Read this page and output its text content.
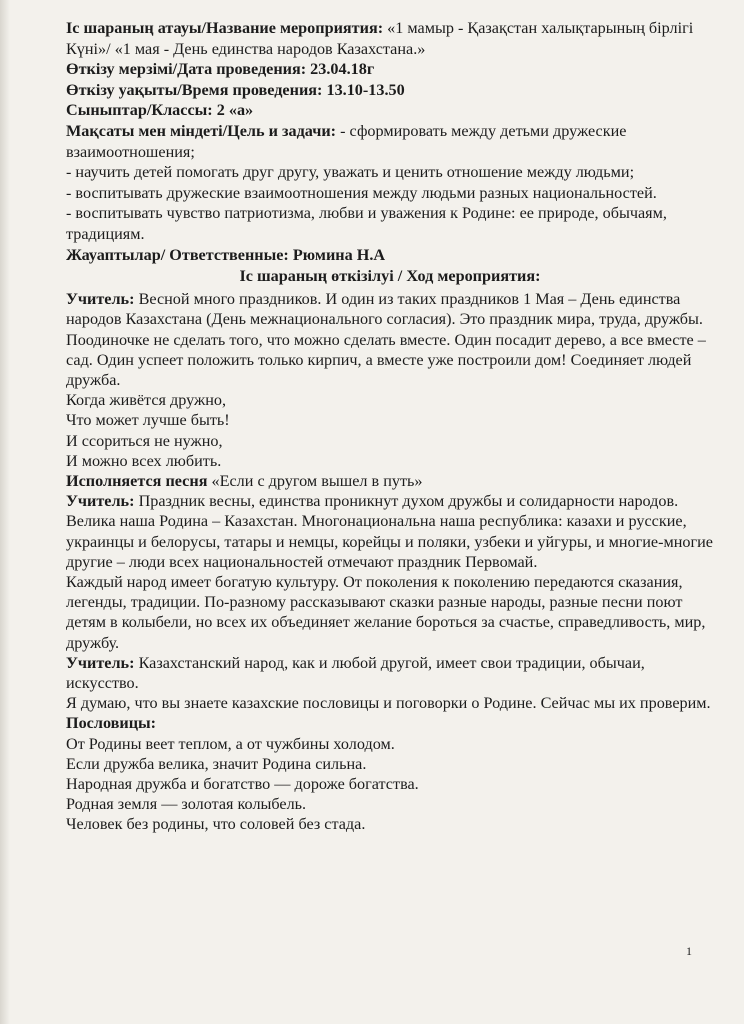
Іс шараның атауы/Название мероприятия: «1 мамыр - Қазақстан халықтарының бірлігі Күні»/ «1 мая - День единства народов Казахстана.»

Өткізу мерзімі/Дата проведения: 23.04.18г

Өткізу уақыты/Время проведения: 13.10-13.50

Сыныптар/Классы: 2 «а»

Мақсаты мен міндеті/Цель и задачи: - сформировать между детьми дружеские взаимоотношения;

- научить детей помогать друг другу, уважать и ценить отношение между людьми;

- воспитывать дружеские взаимоотношения между людьми разных национальностей.

- воспитывать чувство патриотизма, любви и уважения к Родине: ее природе, обычаям, традициям.

Жауаптылар/ Ответственные: Рюмина Н.А

Іс шараның өткізілуі / Ход мероприятия:

Учитель: Весной много праздников. И один из таких праздников 1 Мая – День единства народов Казахстана (День межнационального согласия). Это праздник мира, труда, дружбы. Поодиночке не сделать того, что можно сделать вместе. Один посадит дерево, а все вместе – сад. Один успеет положить только кирпич, а вместе уже построили дом! Соединяет людей дружба.

Когда живётся дружно,

Что может лучше быть!

И ссориться не нужно,

И можно всех любить.

Исполняется песня «Если с другом вышел в путь»

Учитель: Праздник весны, единства проникнут духом дружбы и солидарности народов. Велика наша Родина – Казахстан. Многонациональна наша республика: казахи и русские, украинцы и белорусы, татары и немцы, корейцы и поляки, узбеки и уйгуры, и многие-многие другие – люди всех национальностей отмечают праздник Первомай.

Каждый народ имеет богатую культуру. От поколения к поколению передаются сказания, легенды, традиции. По-разному рассказывают сказки разные народы, разные песни поют детям в колыбели, но всех их объединяет желание бороться за счастье, справедливость, мир, дружбу.

Учитель: Казахстанский народ, как и любой другой, имеет свои традиции, обычаи, искусство.

Я думаю, что вы знаете казахские пословицы и поговорки о Родине. Сейчас мы их проверим.

Пословицы:

От Родины веет теплом, а от чужбины холодом.

Если дружба велика, значит Родина сильна.

Народная дружба и богатство — дороже богатства.

Родная земля — золотая колыбель.

Человек без родины, что соловей без стада.

1
